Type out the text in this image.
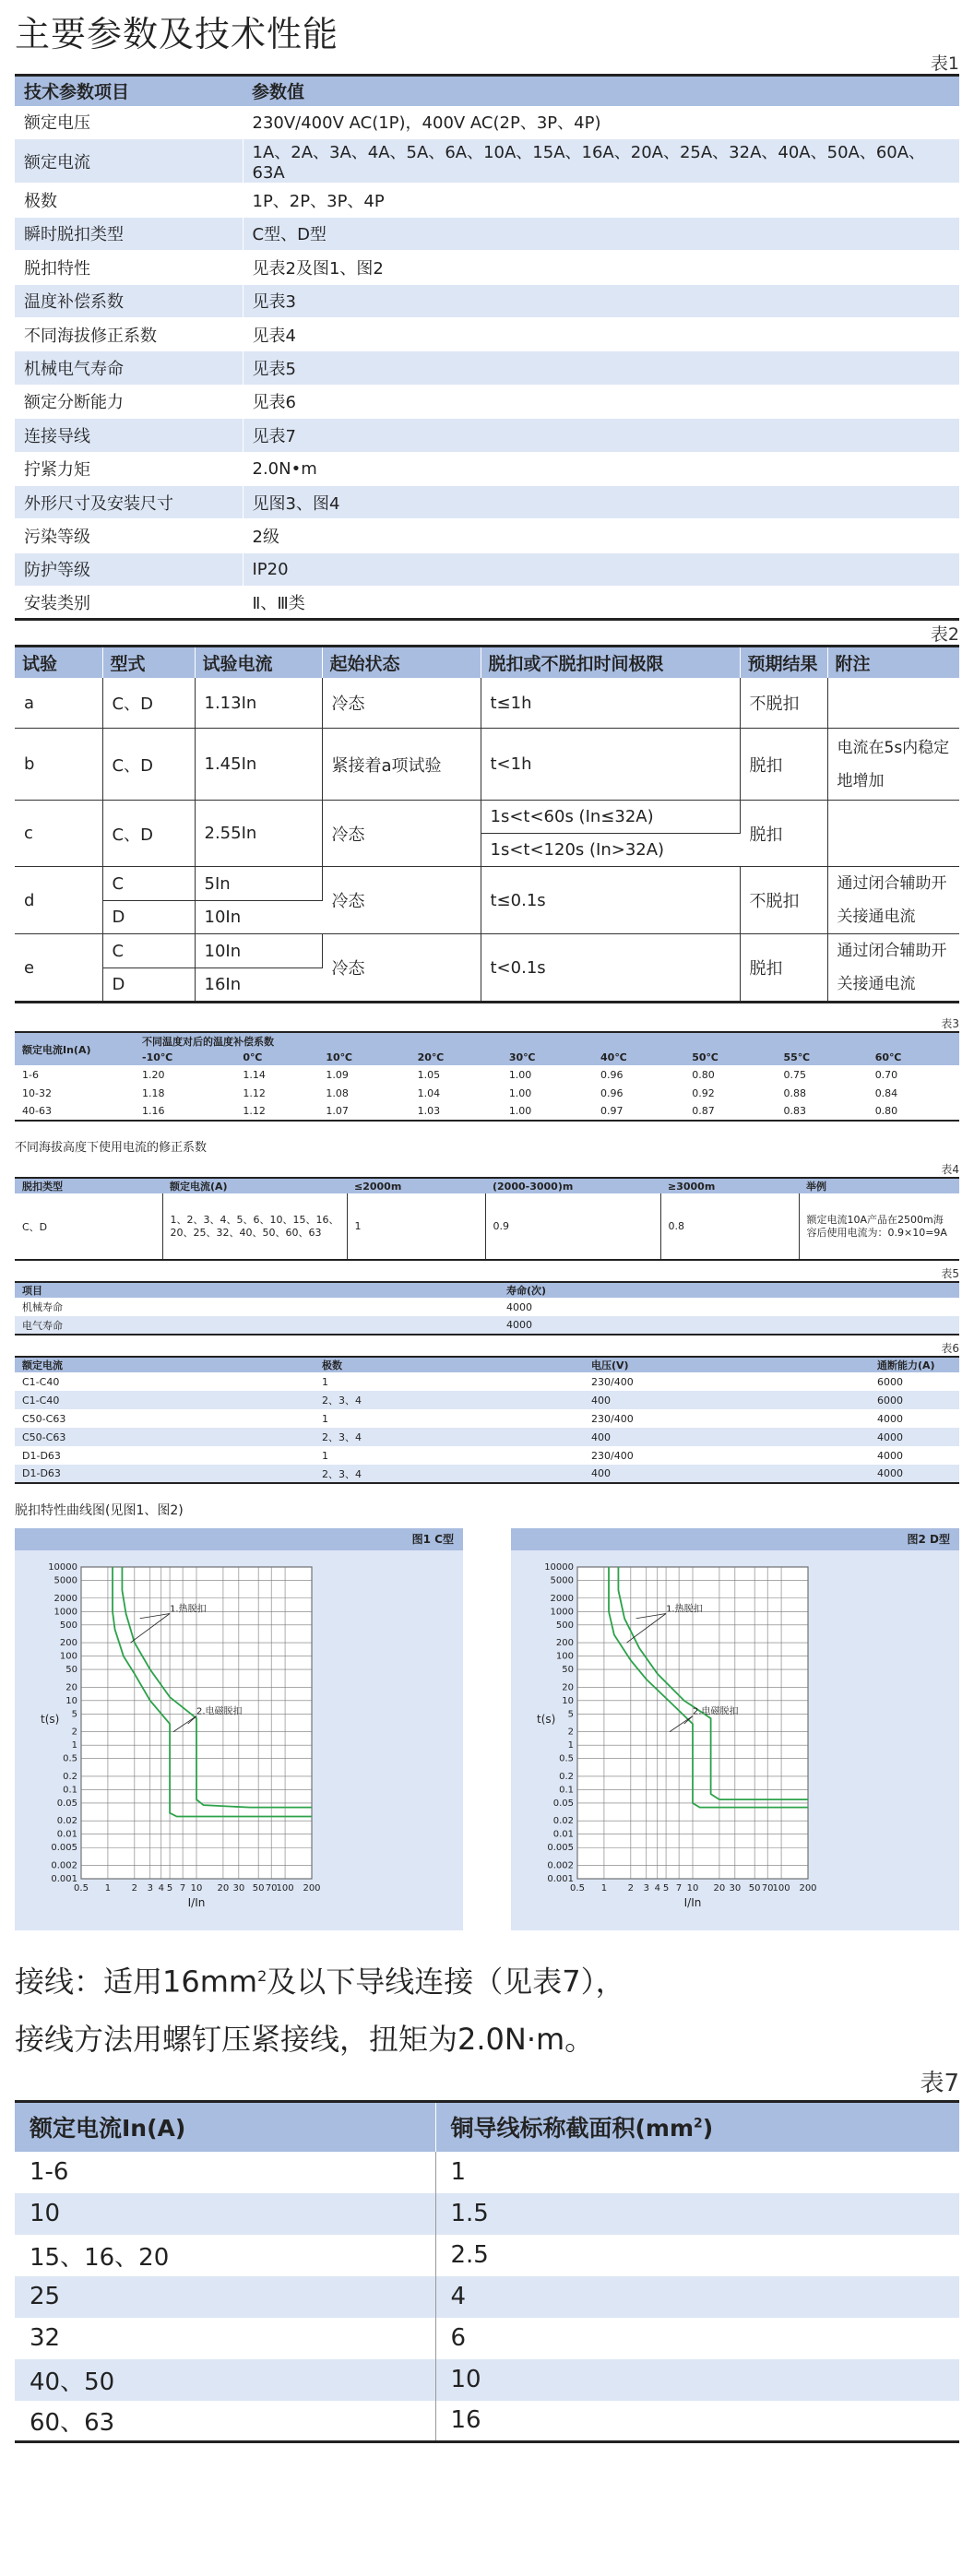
主要参数及技术性能
表1
技术参数项目	参数值
额定电压	230V/400V AC(1P)，400V AC(2P、3P、4P)
额定电流	1A、2A、3A、4A、5A、6A、10A、15A、16A、20A、25A、32A、40A、50A、60A、63A
极数	1P、2P、3P、4P
瞬时脱扣类型	C型、D型
脱扣特性	见表2及图1、图2
温度补偿系数	见表3
不同海拔修正系数	见表4
机械电气寿命	见表5
额定分断能力	见表6
连接导线	见表7
拧紧力矩	2.0N•m
外形尺寸及安装尺寸	见图3、图4
污染等级	2级
防护等级	IP20
安装类别	Ⅱ、Ⅲ类
表2
试验	型式	试验电流	起始状态	脱扣或不脱扣时间极限	预期结果	附注
a	C、D	1.13In	冷态	t≤1h	不脱扣	
b	C、D	1.45In	紧接着a项试验	t<1h	脱扣	电流在5s内稳定地增加
c	C、D	2.55In	冷态	1s<t<60s (In≤32A)	脱扣	
				1s<t<120s (In>32A)		
d	C	5In	冷态	t≤0.1s	不脱扣	通过闭合辅助开关接通电流
	D	10In				
e	C	10In	冷态	t<0.1s	脱扣	通过闭合辅助开关接通电流
	D	16In				
表3
额定电流In(A)	不同温度对后的温度补偿系数								
	-10℃	0℃	10℃	20℃	30℃	40℃	50℃	55℃	60℃
1-6	1.20	1.14	1.09	1.05	1.00	0.96	0.80	0.75	0.70
10-32	1.18	1.12	1.08	1.04	1.00	0.96	0.92	0.88	0.84
40-63	1.16	1.12	1.07	1.03	1.00	0.97	0.87	0.83	0.80
不同海拔高度下使用电流的修正系数
表4
脱扣类型	额定电流(A)	≤2000m	(2000-3000)m	≥3000m	举例
C、D	1、2、3、4、5、6、10、15、16、20、25、32、40、50、60、63	1	0.9	0.8	额定电流10A产品在2500m海容后使用电流为：0.9×10=9A
表5
项目	寿命(次)
机械寿命	4000
电气寿命	4000
表6
额定电流	极数	电压(V)	通断能力(A)
C1-C40	1	230/400	6000
C1-C40	2、3、4	400	6000
C50-C63	1	230/400	4000
C50-C63	2、3、4	400	4000
D1-D63	1	230/400	4000
D1-D63	2、3、4	400	4000
脱扣特性曲线图(见图1、图2)
图1 C型
10000
5000
2000
1000
500
200
100
50
20
10
5
2
1
0.5
0.2
0.1
0.05
0.02
0.01
0.005
0.002
0.001
0.5 1 2 3 4 5 7 10 20 30 50 70
100 200
t(s)
I/In
1.热脱扣
2.电磁脱扣
图2 D型
10000
5000
2000
1000
500
200
100
50
20
10
5
2
1
0.5
0.2
0.1
0.05
0.02
0.01
0.005
0.002
0.001
0.5 1 2 3 4 5 7 10 20 30 50 70
100 200
t(s)
I/In
1.热脱扣
2.电磁脱扣
接线：适用$16mm^2$及以下导线连接（见表7），
接线方法用螺钉压紧接线，扭矩为2.0N·m。
表7
额定电流In(A)	铜导线标称截面积$(mm^2)$
1-6	1
10	1.5
15、16、20	2.5
25	4
32	6
40、50	10
60、63	16
